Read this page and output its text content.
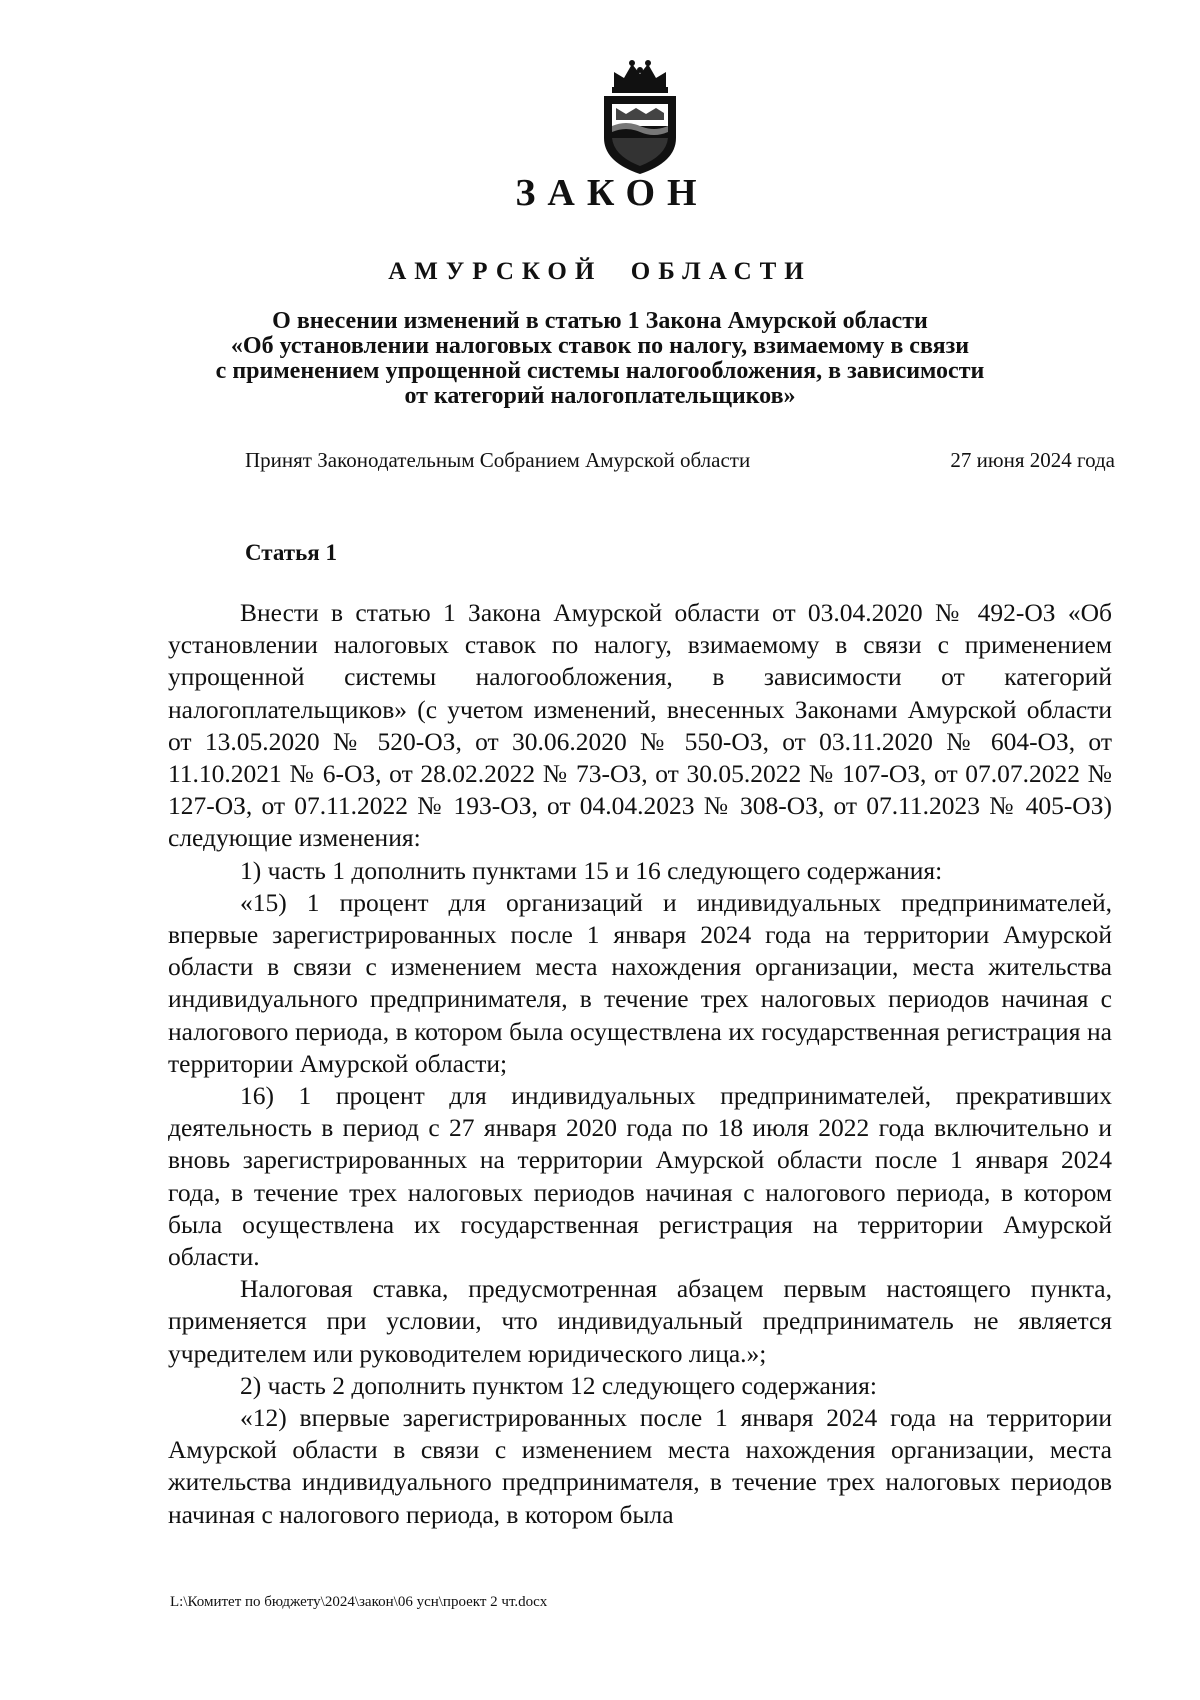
ЗАКОН
АМУРСКОЙ  ОБЛАСТИ
О внесении изменений в статью 1 Закона Амурской области
«Об установлении налоговых ставок по налогу, взимаемому в связи
с применением упрощенной системы налогообложения, в зависимости
от категорий налогоплательщиков»
Принят Законодательным Собранием Амурской области	27 июня 2024 года
Статья 1

Внести в статью 1 Закона Амурской области от 03.04.2020 № 492-ОЗ «Об установлении налоговых ставок по налогу, взимаемому в связи с применением упрощенной системы налогообложения, в зависимости от категорий налогоплательщиков» (с учетом изменений, внесенных Законами Амурской области от 13.05.2020 № 520-ОЗ, от 30.06.2020 № 550-ОЗ, от 03.11.2020 № 604-ОЗ, от 11.10.2021 № 6-ОЗ, от 28.02.2022 № 73-ОЗ, от 30.05.2022 № 107-ОЗ, от 07.07.2022 № 127-ОЗ, от 07.11.2022 № 193-ОЗ, от 04.04.2023 № 308-ОЗ, от 07.11.2023 № 405-ОЗ) следующие изменения:

1) часть 1 дополнить пунктами 15 и 16 следующего содержания:

«15) 1 процент для организаций и индивидуальных предпринимателей, впервые зарегистрированных после 1 января 2024 года на территории Амурской области в связи с изменением места нахождения организации, места жительства индивидуального предпринимателя, в течение трех налоговых периодов начиная с налогового периода, в котором была осуществлена их государственная регистрация на территории Амурской области;

16) 1 процент для индивидуальных предпринимателей, прекративших деятельность в период с 27 января 2020 года по 18 июля 2022 года включительно и вновь зарегистрированных на территории Амурской области после 1 января 2024 года, в течение трех налоговых периодов начиная с налогового периода, в котором была осуществлена их государственная регистрация на территории Амурской области.

Налоговая ставка, предусмотренная абзацем первым настоящего пункта, применяется при условии, что индивидуальный предприниматель не является учредителем или руководителем юридического лица.»;

2) часть 2 дополнить пунктом 12 следующего содержания:

«12) впервые зарегистрированных после 1 января 2024 года на территории Амурской области в связи с изменением места нахождения организации, места жительства индивидуального предпринимателя, в течение трех налоговых периодов начиная с налогового периода, в котором была

L:\Комитет по бюджету\2024\закон\06 усн\проект 2 чт.docx
